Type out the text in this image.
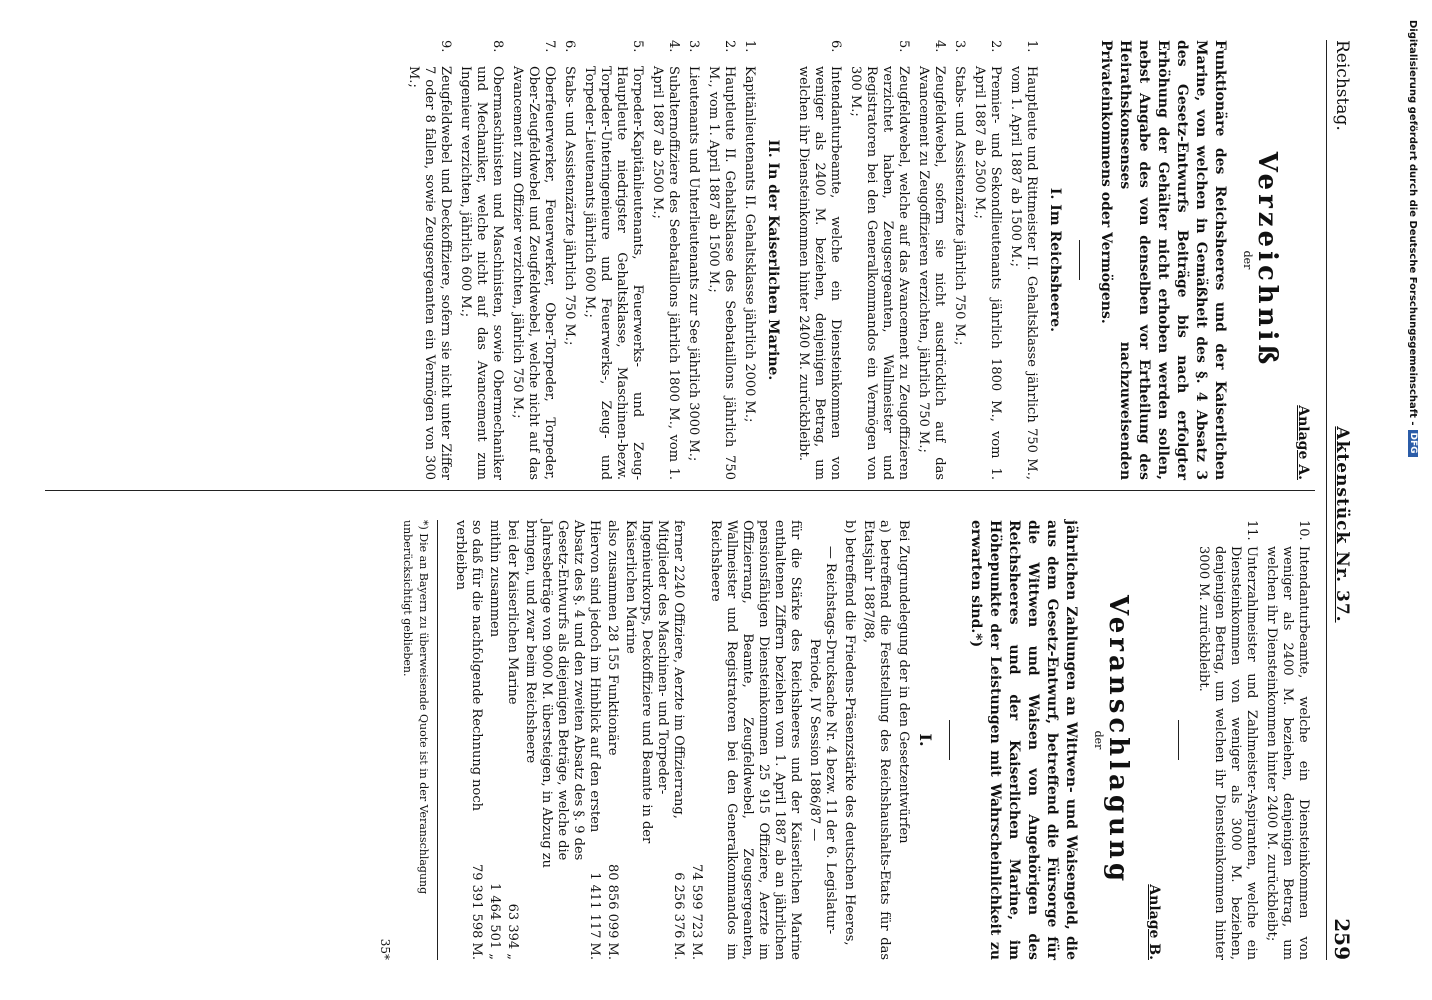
Reichstag.
Aktenstück Nr. 37.
259
Anlage A.
Verzeichniß
der
Funktionäre des Reichsheeres und der Kaiserlichen Marine, von welchen in Gemäßheit des §. 4 Absatz 3 des Gesetz-Entwurfs Beiträge bis nach erfolgter Erhöhung der Gehälter nicht erhoben werden sollen, nebst Angabe des von denselben vor Ertheilung des Heirathskonsenses nachzuweisenden Privateinkommens oder Vermögens.
I. Im Reichsheere.
1.
Hauptleute und Rittmeister II. Gehaltsklasse jährlich 750 M., vom 1. April 1887 ab 1500 M.;
2.
Premier- und Sekondlieutenants jährlich 1800 M., vom 1. April 1887 ab 2500 M.;
3.
Stabs- und Assistenzärzte jährlich 750 M.;
4.
Zeugfeldwebel, sofern sie nicht ausdrücklich auf das Avancement zu Zeugoffizieren verzichten, jährlich 750 M.;
5.
Zeugfeldwebel, welche auf das Avancement zu Zeugoffizieren verzichtet haben, Zeugsergeanten, Wallmeister und Registratoren bei den Generalkommandos ein Vermögen von 300 M.;
6.
Intendanturbeamte, welche ein Diensteinkommen von weniger als 2400 M. beziehen, denjenigen Betrag, um welchen ihr Diensteinkommen hinter 2400 M. zurückbleibt.
II. In der Kaiserlichen Marine.
1.
Kapitänlieutenants II. Gehaltsklasse jährlich 2000 M.;
2.
Hauptleute II. Gehaltsklasse des Seebataillons jährlich 750 M., vom 1. April 1887 ab 1500 M.;
3.
Lieutenants und Unterlieutenants zur See jährlich 3000 M.;
4.
Subalternoffiziere des Seebataillons jährlich 1800 M., vom 1. April 1887 ab 2500 M.;
5.
Torpeder-Kapitänlieutenants, Feuerwerks- und Zeug-Hauptleute niedrigster Gehaltsklasse, Maschinen-bezw. Torpeder-Unteringenieure und Feuerwerks-, Zeug- und Torpeder-Lieutenants jährlich 600 M.;
6.
Stabs- und Assistenzärzte jährlich 750 M.;
7.
Oberfeuerwerker, Feuerwerker, Ober-Torpeder, Torpeder, Ober-Zeugfeldwebel und Zeugfeldwebel, welche nicht auf das Avancement zum Offizier verzichten, jährlich 750 M.;
8.
Obermaschinisten und Maschinisten, sowie Obermechaniker und Mechaniker, welche nicht auf das Avancement zum Ingenieur verzichten, jährlich 600 M.;
9.
Zeugfeldwebel und Deckoffiziere, sofern sie nicht unter Ziffer 7 oder 8 fallen, sowie Zeugsergeanten ein Vermögen von 300 M.;
10.
Intendanturbeamte, welche ein Diensteinkommen von weniger als 2400 M. beziehen, denjenigen Betrag, um welchen ihr Diensteinkommen hinter 2400 M. zurückbleibt;
11.
Unterzahlmeister und Zahlmeister-Aspiranten, welche ein Diensteinkommen von weniger als 3000 M. beziehen, denjenigen Betrag, um welchen ihr Diensteinkommen hinter 3000 M. zurückbleibt.
Anlage B.
Veranschlagung
der
jährlichen Zahlungen an Wittwen- und Waisengeld, die aus dem Gesetz-Entwurf, betreffend die Fürsorge für die Wittwen und Waisen von Angehörigen des Reichsheeres und der Kaiserlichen Marine, im Höhepunkte der Leistungen mit Wahrscheinlichkeit zu erwarten sind.*)
I.
Bei Zugrundelegung der in den Gesetzentwürfen
a) betreffend die Feststellung des Reichshaushalts-Etats für das Etatsjahr 1887/88,
b) betreffend die Friedens-Präsenzstärke des deutschen Heeres,
— Reichstags-Drucksache Nr. 4 bezw. 11 der 6. Legislatur-Periode, IV Session 1886/87 —
für die Stärke des Reichsheeres und der Kaiserlichen Marine enthaltenen Ziffern beziehen vom 1. April 1887 ab an jährlichen pensionsfähigen Diensteinkommen 25 915 Offiziere, Aerzte im Offizierrang, Beamte, Zeugfeldwebel, Zeugsergeanten, Wallmeister und Registratoren bei den Generalkommandos im Reichsheere
74 599 723 M.
ferner 2240 Offiziere, Aerzte im Offizierrang, Mitglieder des Maschinen- und Torpeder-Ingenieurkorps, Deckoffiziere und Beamte in der Kaiserlichen Marine
6 256 376 M.
also zusammen 28 155 Funktionäre
80 856 099 M.
Hiervon sind jedoch im Hinblick auf den ersten Absatz des §. 4 und den zweiten Absatz des §. 9 des Gesetz-Entwurfs als diejenigen Beträge, welche die Jahresbeträge von 9000 M. übersteigen, in Abzug zu bringen, und zwar beim Reichsheere
1 411 117 M.
bei der Kaiserlichen Marine
63 394 „
mithin zusammen
1 464 501 „
so daß für die nachfolgende Rechnung noch verbleiben
79 391 598 M.
*) Die an Bayern zu überweisende Quote ist in der Veranschlagung unberücksichtigt geblieben.
35*
Digitalisierung gefördert durch die Deutsche Forschungsgemeinschaft -
DFG
